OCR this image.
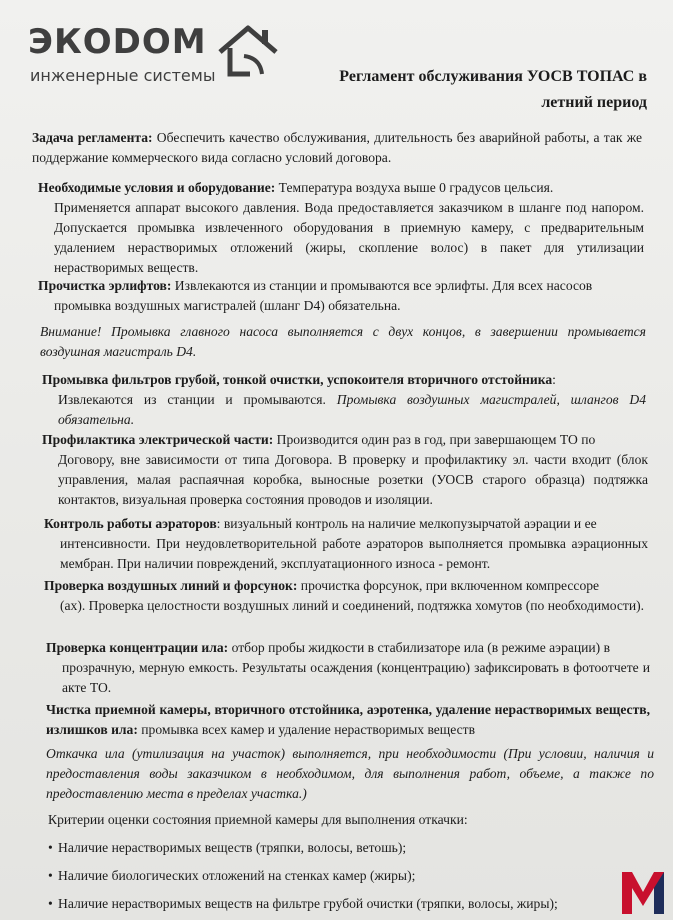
ЭКОDOM
инженерные системы	Регламент обслуживания УОСВ ТОПАС в
летний период
Задача регламента: Обеспечить качество обслуживания, длительность без аварийной работы, а так же поддержание коммерческого вида согласно условий договора.
Необходимые условия и оборудование: Температура воздуха выше 0 градусов цельсия.
Применяется аппарат высокого давления. Вода предоставляется заказчиком в шланге под напором. Допускается промывка извлеченного оборудования в приемную камеру, с предварительным удалением нерастворимых отложений (жиры, скопление волос) в пакет для утилизации нерастворимых веществ.
Прочистка эрлифтов: Извлекаются из станции и промываются все эрлифты. Для всех насосов
промывка воздушных магистралей (шланг D4) обязательна.
Внимание! Промывка главного насоса выполняется с двух концов, в завершении промывается воздушная магистраль D4.
Промывка фильтров грубой, тонкой очистки, успокоителя вторичного отстойника:
Извлекаются из станции и промываются. Промывка воздушных магистралей, шлангов D4 обязательна.
Профилактика электрической части: Производится один раз в год, при завершающем ТО по
Договору, вне зависимости от типа Договора. В проверку и профилактику эл. части входит (блок управления, малая распаячная коробка, выносные розетки (УОСВ старого образца) подтяжка контактов, визуальная проверка состояния проводов и изоляции.
Контроль работы аэраторов: визуальный контроль на наличие мелкопузырчатой аэрации и ее
интенсивности. При неудовлетворительной работе аэраторов выполняется промывка аэрационных мембран. При наличии повреждений, эксплуатационного износа - ремонт.
Проверка воздушных линий и форсунок: прочистка форсунок, при включенном компрессоре
(ах). Проверка целостности воздушных линий и соединений, подтяжка хомутов (по необходимости).
Проверка концентрации ила: отбор пробы жидкости в стабилизаторе ила (в режиме аэрации) в
прозрачную, мерную емкость. Результаты осаждения (концентрацию) зафиксировать в фотоотчете и акте ТО.
Чистка приемной камеры, вторичного отстойника, аэротенка, удаление нерастворимых веществ, излишков ила: промывка всех камер и удаление нерастворимых веществ
Откачка ила (утилизация на участок) выполняется, при необходимости (При условии, наличия и предоставления воды заказчиком в необходимом, для выполнения работ, объеме, а также по предоставлению места в пределах участка.)
Критерии оценки состояния приемной камеры для выполнения откачки:
• Наличие нерастворимых веществ (тряпки, волосы, ветошь);
• Наличие биологических отложений на стенках камер (жиры);
• Наличие нерастворимых веществ на фильтре грубой очистки (тряпки, волосы, жиры);
